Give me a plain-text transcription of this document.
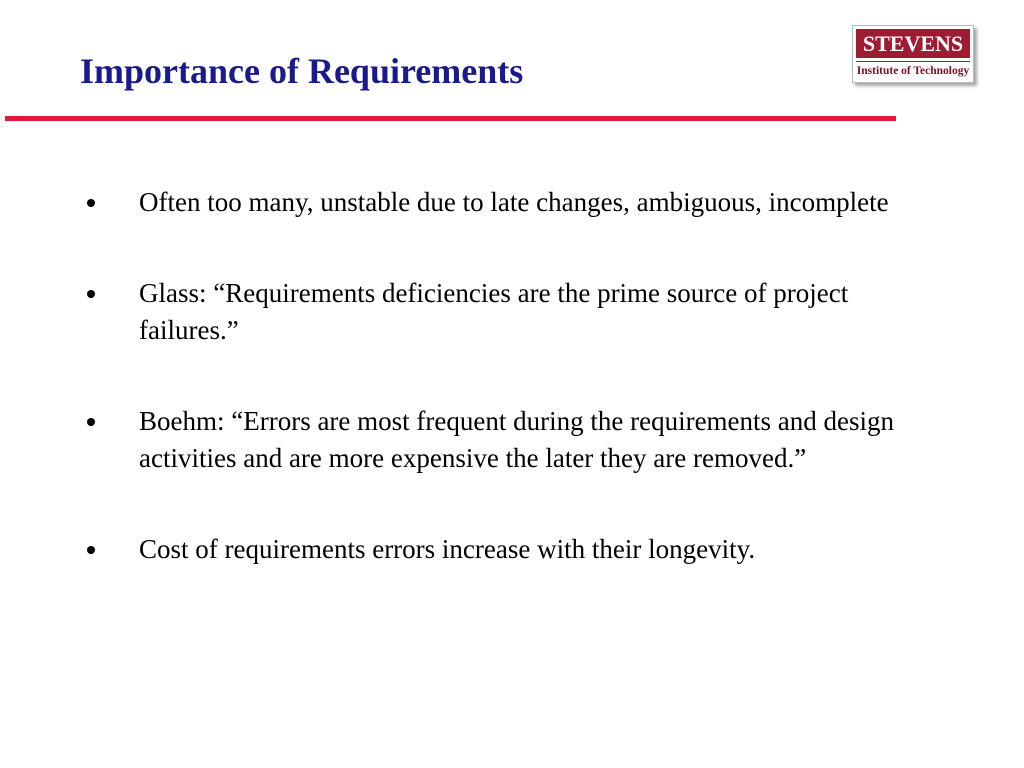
Importance of Requirements
STEVENS
Institute of Technology
Often too many, unstable due to late changes, ambiguous, incomplete
Glass: “Requirements deficiencies are the prime source of project failures.”
Boehm: “Errors are most frequent during the requirements and design activities and are more expensive the later they are removed.”
Cost of requirements errors increase with their longevity.
